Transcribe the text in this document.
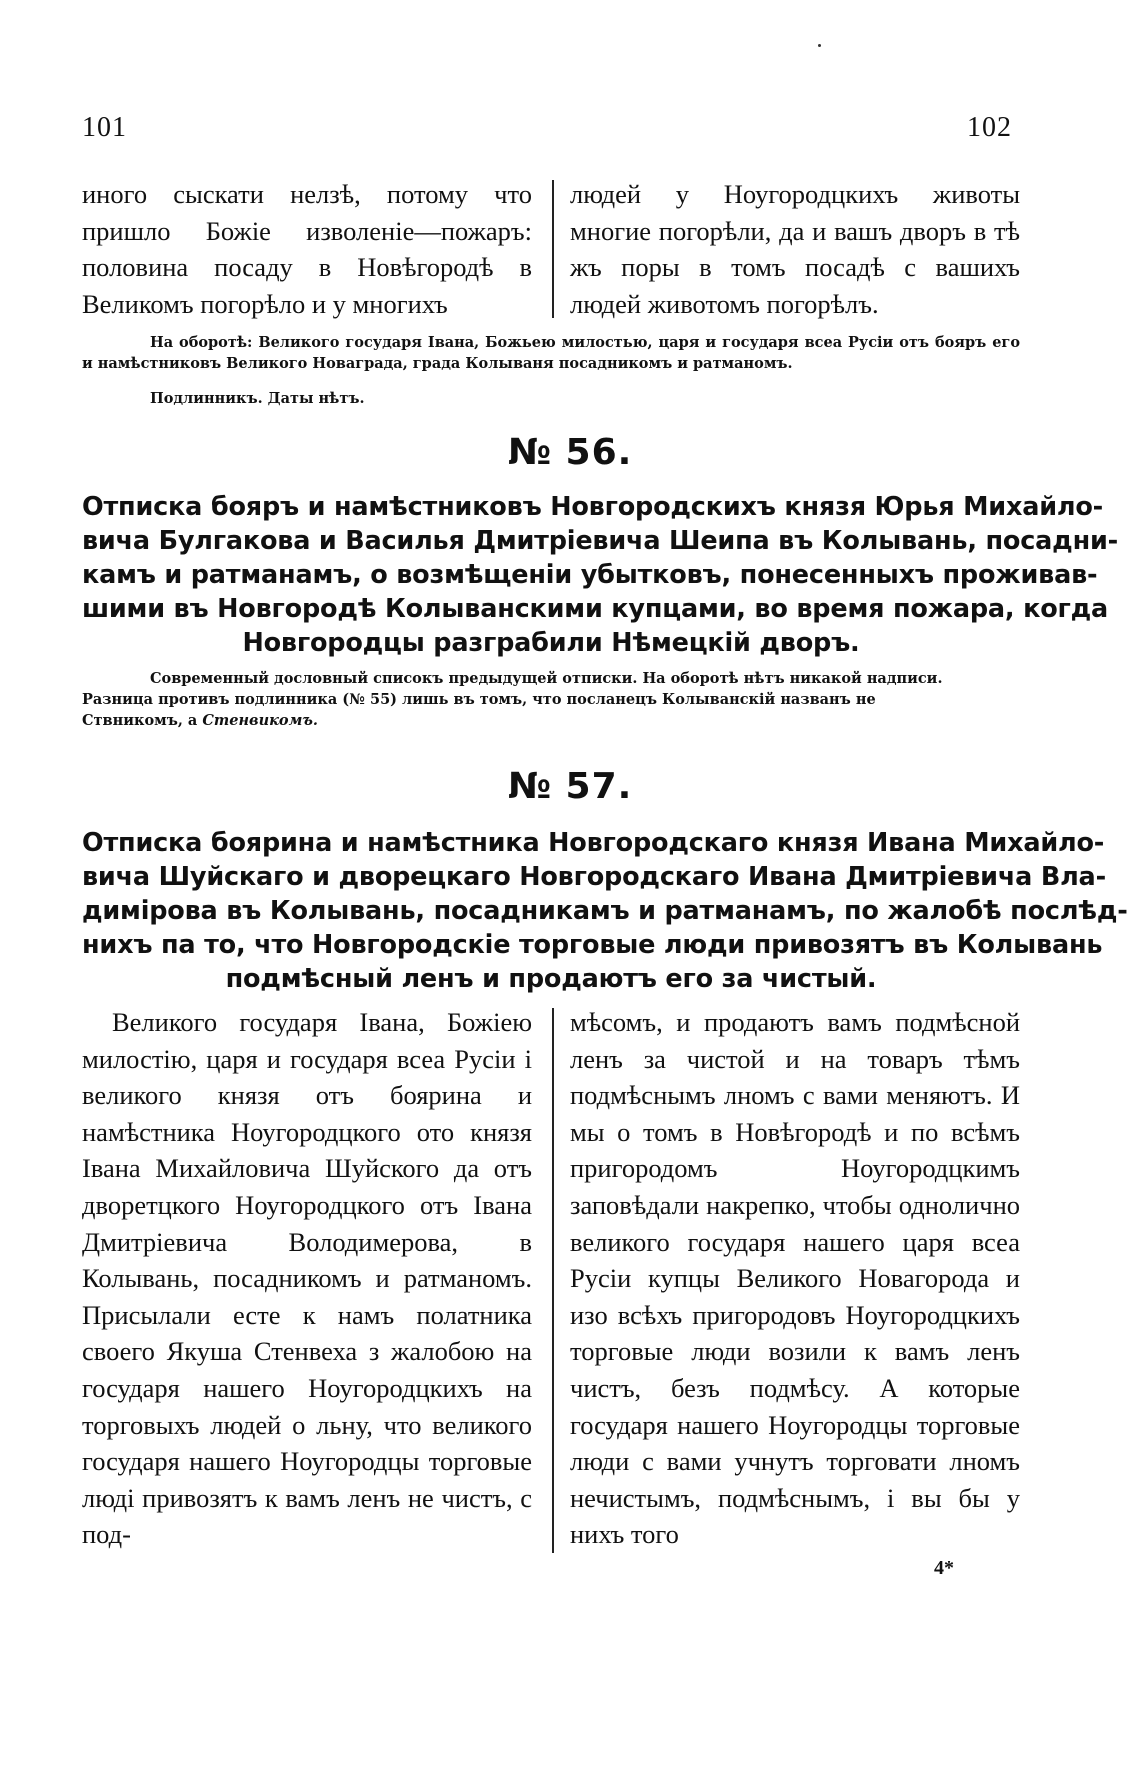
101	102

иного сыскати нелзѣ, потому что пришло Божіе изволеніе—пожаръ: половина посаду в Новѣгородѣ в Великомъ погорѣло и у многихъ

людей у Ноугородцкихъ животы многие погорѣли, да и вашъ дворъ в тѣ жъ поры в томъ посадѣ с вашихъ людей животомъ погорѣлъ.

На оборотѣ: Великого государя Івана, Божьею милостью, царя и государя всеа Русіи отъ бояръ его и намѣстниковъ Великого Новаграда, града Колываня посадникомъ и ратманомъ.

Подлинникъ. Даты нѣтъ.

№ 56.
Отписка бояръ и намѣстниковъ Новгородскихъ князя Юрья Михайло-
вича Булгакова и Василья Дмитріевича Шеипа въ Колывань, посадни-
камъ и ратманамъ, о возмѣщеніи убытковъ, понесенныхъ проживав-
шими въ Новгородѣ Колыванскими купцами, во время пожара, когда
Новгородцы разграбили Нѣмецкій дворъ.

Современный дословный списокъ предыдущей отписки. На оборотѣ нѣтъ никакой надписи.

Разница противъ подлинника (№ 55) лишь въ томъ, что посланецъ Колыванскій названъ не

Ствникомъ, а Стенвикомъ.

№ 57.
Отписка боярина и намѣстника Новгородскаго князя Ивана Михайло-
вича Шуйскаго и дворецкаго Новгородскаго Ивана Дмитріевича Вла-
димірова въ Колывань, посадникамъ и ратманамъ, по жалобѣ послѣд-
нихъ па то, что Новгородскіе торговые люди привозятъ въ Колывань
подмѣсный ленъ и продаютъ его за чистый.

Великого государя Івана, Божіею милостію, царя и государя всеа Русіи і великого князя отъ боярина и намѣстника Ноугородцкого ото князя Івана Михайловича Шуйского да отъ дворетцкого Ноугородцкого отъ Івана Дмитріевича Володимерова, в Колывань, посадникомъ и ратманомъ. Присылали есте к намъ полатника своего Якуша Стенвеха з жалобою на государя нашего Ноугородцкихъ на торговыхъ людей о льну, что великого государя нашего Ноугородцы торговые люді привозятъ к вамъ ленъ не чистъ, с под-

мѣсомъ, и продаютъ вамъ подмѣсной ленъ за чистой и на товаръ тѣмъ подмѣснымъ лномъ с вами меняютъ. И мы о томъ в Новѣгородѣ и по всѣмъ пригородомъ Ноугородцкимъ заповѣдали накрепко, чтобы однолично великого государя нашего царя всеа Русіи купцы Великого Новагорода и изо всѣхъ пригородовъ Ноугородцкихъ торговые люди возили к вамъ ленъ чистъ, безъ подмѣсу. А которые государя нашего Ноугородцы торговые люди с вами учнутъ торговати лномъ нечистымъ, подмѣснымъ, і вы бы у нихъ того

4*
